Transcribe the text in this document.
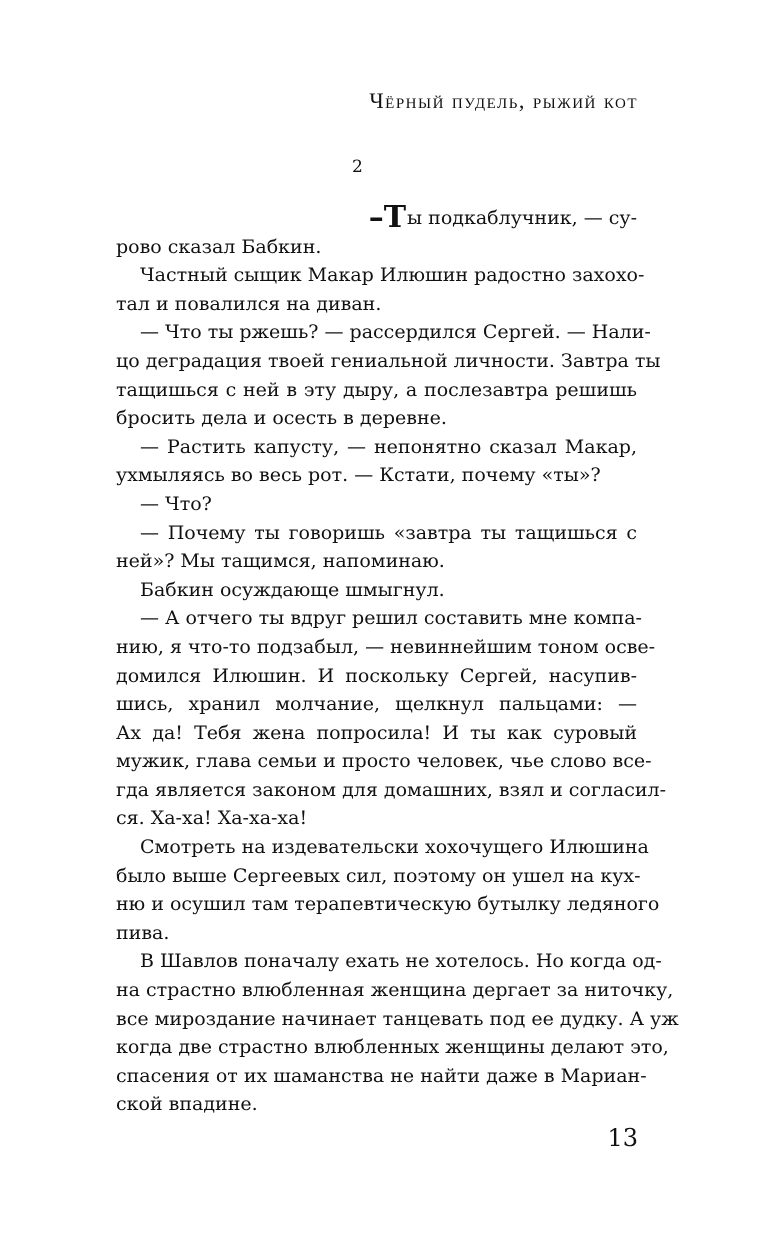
Чёрный пудель, рыжий кот
2
–Ты подкаблучник, — су-
рово сказал Бабкин.
Частный сыщик Макар Илюшин радостно захохо-
тал и повалился на диван.
— Что ты ржешь? — рассердился Сергей. — Нали-
цо деградация твоей гениальной личности. Завтра ты
тащишься с ней в эту дыру, а послезавтра решишь
бросить дела и осесть в деревне.
— Растить капусту, — непонятно сказал Макар,
ухмыляясь во весь рот. — Кстати, почему «ты»?
— Что?
— Почему ты говоришь «завтра ты тащишься с
ней»? Мы тащимся, напоминаю.
Бабкин осуждающе шмыгнул.
— А отчего ты вдруг решил составить мне компа-
нию, я что-то подзабыл, — невиннейшим тоном осве-
домился Илюшин. И поскольку Сергей, насупив-
шись, хранил молчание, щелкнул пальцами: —
Ах да! Тебя жена попросила! И ты как суровый
мужик, глава семьи и просто человек, чье слово все-
гда является законом для домашних, взял и согласил-
ся. Ха-ха! Ха-ха-ха!
Смотреть на издевательски хохочущего Илюшина
было выше Сергеевых сил, поэтому он ушел на кух-
ню и осушил там терапевтическую бутылку ледяного
пива.
В Шавлов поначалу ехать не хотелось. Но когда од-
на страстно влюбленная женщина дергает за ниточку,
все мироздание начинает танцевать под ее дудку. А уж
когда две страстно влюбленных женщины делают это,
спасения от их шаманства не найти даже в Мариан-
ской впадине.
13
